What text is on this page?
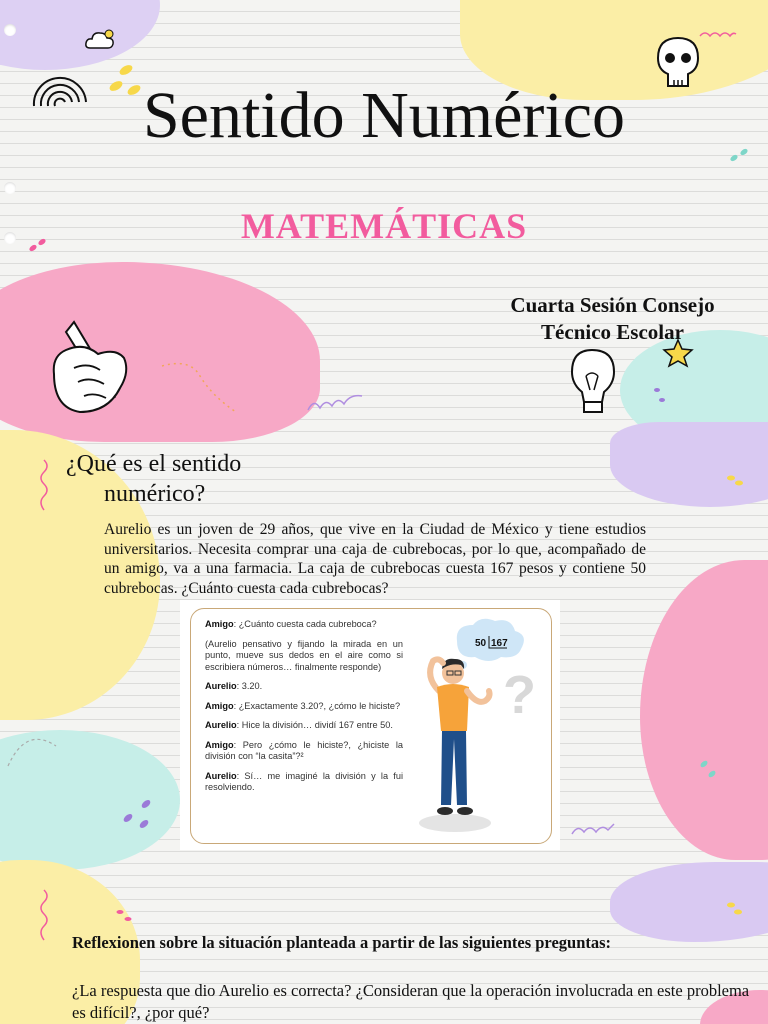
Sentido Numérico
MATEMÁTICAS
Cuarta Sesión Consejo
Técnico Escolar
¿Qué es el sentido
numérico?
Aurelio es un joven de 29 años, que vive en la Ciudad de México y tiene estudios universitarios. Necesita comprar una caja de cubrebocas, por lo que, acompañado de un amigo, va a una farmacia. La caja de cubrebocas cuesta 167 pesos y contiene 50 cubrebocas. ¿Cuánto cuesta cada cubrebocas?

Amigo: ¿Cuánto cuesta cada cubreboca?

(Aurelio pensativo y fijando la mirada en un punto, mueve sus dedos en el aire como si escribiera números… finalmente responde)

Aurelio: 3.20.

Amigo: ¿Exactamente 3.20?, ¿cómo le hiciste?

Aurelio: Hice la división… dividí 167 entre 50.

Amigo: Pero ¿cómo le hiciste?, ¿hiciste la división con “la casita”?²

Aurelio: Sí… me imaginé la división y la fui resolviendo.

50 167
?
Reflexionen sobre la situación planteada a partir de las siguientes preguntas:
¿La respuesta que dio Aurelio es correcta? ¿Consideran que la operación involucrada en este problema es difícil?, ¿por qué?
